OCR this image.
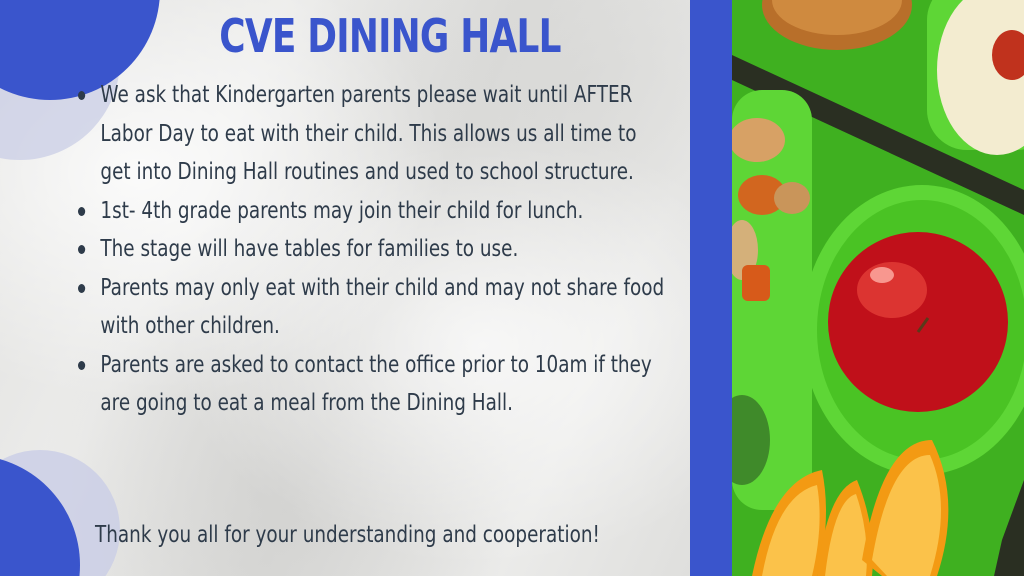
CVE DINING HALL
We ask that Kindergarten parents please wait until AFTER Labor Day to eat with their child. This allows us all time to get into Dining Hall routines and used to school structure.
1st- 4th grade parents may join their child for lunch.
The stage will have tables for families to use.
Parents may only eat with their child and may not share food with other children.
Parents are asked to contact the office prior to 10am if they are going to eat a meal from the Dining Hall.
Thank you all for your understanding and cooperation!
